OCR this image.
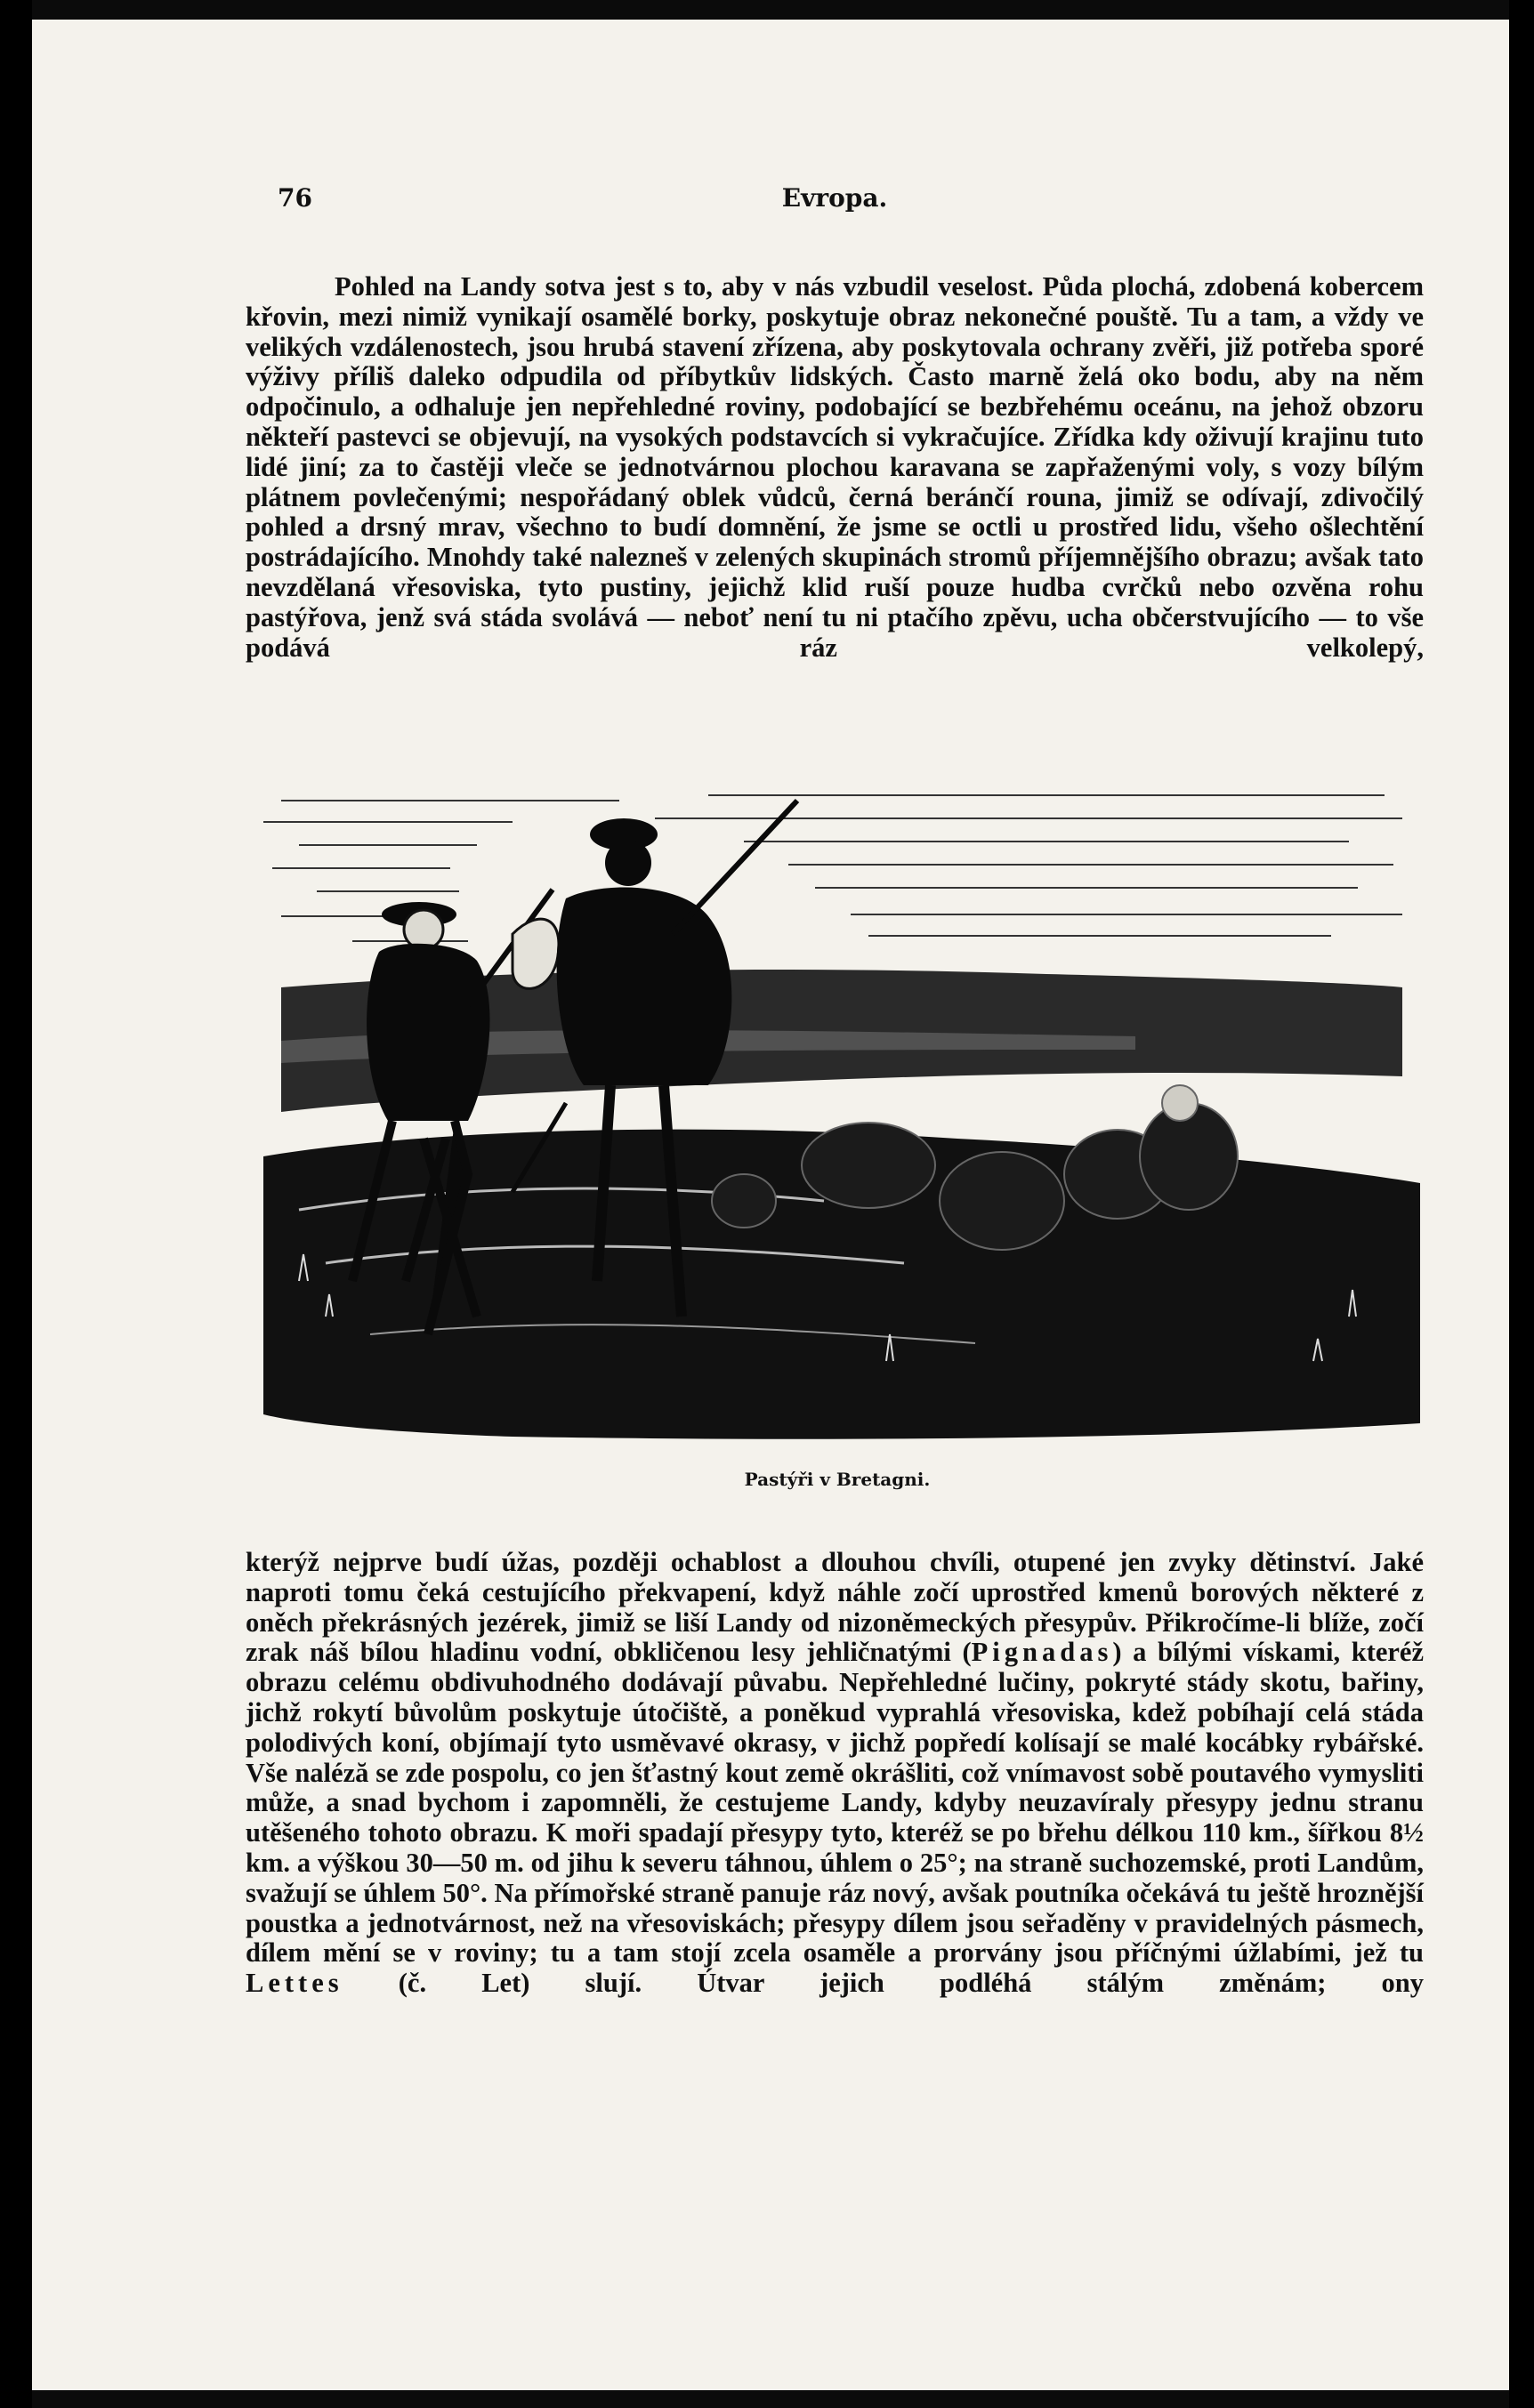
76	Evropa.
Pohled na Landy sotva jest s to, aby v nás vzbudil veselost. Půda plochá, zdobená kobercem křovin, mezi nimiž vynikají osamělé borky, poskytuje obraz nekonečné pouště. Tu a tam, a vždy ve velikých vzdálenostech, jsou hrubá stavení zřízena, aby poskytovala ochrany zvěři, již potřeba sporé výživy příliš daleko odpudila od příbytkův lidských. Často marně želá oko bodu, aby na něm odpočinulo, a odhaluje jen nepřehledné roviny, podobající se bezbřehému oceánu, na jehož obzoru někteří pastevci se objevují, na vysokých podstavcích si vykračujíce. Zřídka kdy oživují krajinu tuto lidé jiní; za to častěji vleče se jednotvárnou plochou karavana se zapřaženými voly, s vozy bílým plátnem povlečenými; nespořádaný oblek vůdců, černá beránčí rouna, jimiž se odívají, zdivočilý pohled a drsný mrav, všechno to budí domnění, že jsme se octli u prostřed lidu, všeho ošlechtění postrádajícího. Mnohdy také nalezneš v zelených skupinách stromů příjemnějšího obrazu; avšak tato nevzdělaná vřesoviska, tyto pustiny, jejichž klid ruší pouze hudba cvrčků nebo ozvěna rohu pastýřova, jenž svá stáda svolává — neboť není tu ni ptačího zpěvu, ucha občerstvujícího — to vše podává ráz velkolepý,
Pastýři v Bretagni.
kterýž nejprve budí úžas, později ochablost a dlouhou chvíli, otupené jen zvyky dětinství. Jaké naproti tomu čeká cestujícího překvapení, když náhle zočí uprostřed kmenů borových některé z oněch překrásných jezérek, jimiž se liší Landy od nizoněmeckých přesypův. Přikročíme-li blíže, zočí zrak náš bílou hladinu vodní, obkličenou lesy jehličnatými (Pignadas) a bílými vískami, kteréž obrazu celému obdivuhodného dodávají půvabu. Nepřehledné lučiny, pokryté stády skotu, bařiny, jichž rokytí bůvolům poskytuje útočiště, a poněkud vyprahlá vřesoviska, kdež pobíhají celá stáda polodivých koní, objímají tyto usměvavé okrasy, v jichž popředí kolísají se malé kocábky rybářské. Vše naléză se zde pospolu, co jen šťastný kout země okrášliti, což vnímavost sobě poutavého vymysliti může, a snad bychom i zapomněli, že cestujeme Landy, kdyby neuzavíraly přesypy jednu stranu utěšeného tohoto obrazu. K moři spadají přesypy tyto, kteréž se po břehu délkou 110 km., šířkou 8½ km. a výškou 30—50 m. od jihu k severu táhnou, úhlem o 25°; na straně suchozemské, proti Landům, svažují se úhlem 50°. Na přímořské straně panuje ráz nový, avšak poutníka očekává tu ještě hroznější poustka a jednotvárnost, než na vřesoviskách; přesypy dílem jsou seřaděny v pravidelných pásmech, dílem mění se v roviny; tu a tam stojí zcela osaměle a prorvány jsou příčnými úžlabími, jež tu Lettes (č. Let) slují. Útvar jejich podléhá stálým změnám; ony
